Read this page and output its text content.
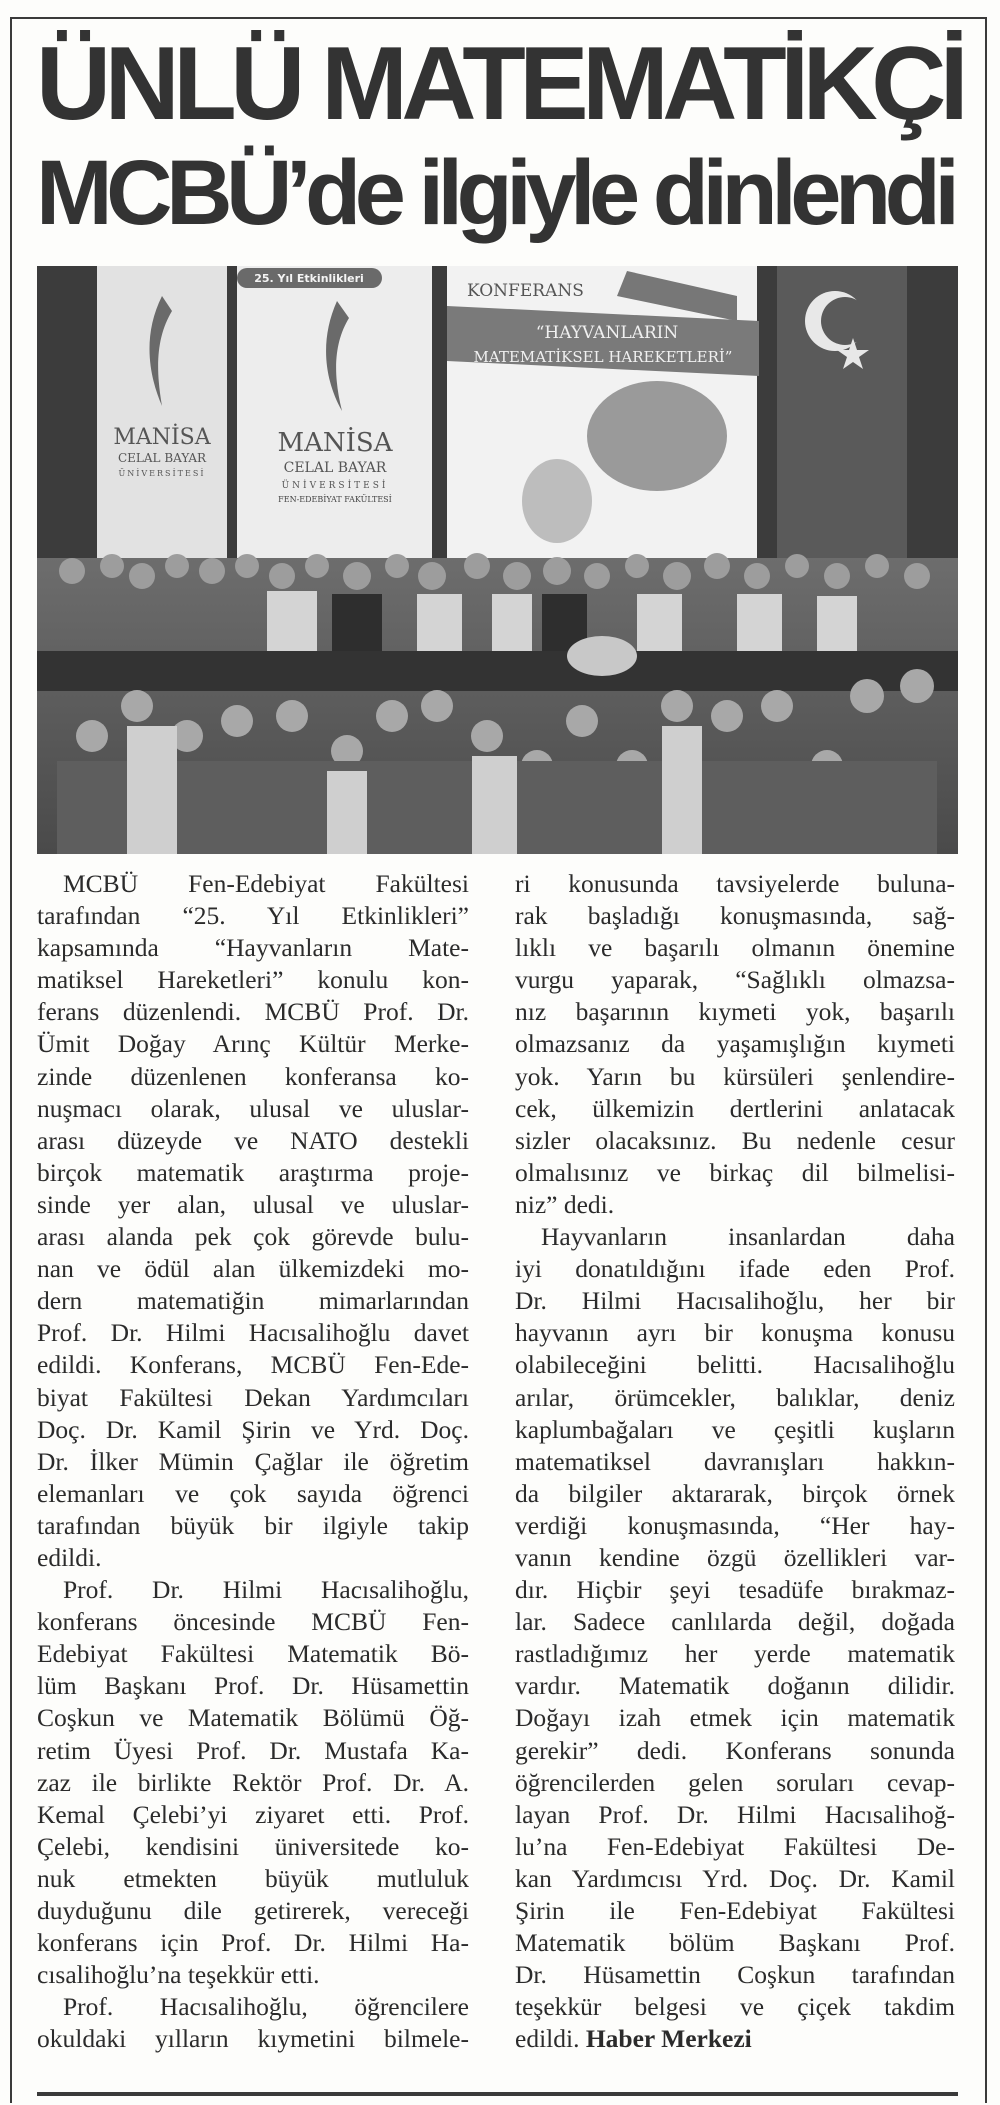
ÜNLÜ MATEMATİKÇİ
MCBÜ’de ilgiyle dinlendi
MANİSA
CELAL BAYAR
ÜNİVERSİTESİ
25. Yıl Etkinlikleri
MANİSA
CELAL BAYAR
ÜNİVERSİTESİ
FEN-EDEBİYAT FAKÜLTESİ
KONFERANS
“HAYVANLARIN
MATEMATİKSEL HAREKETLERİ”
MCBÜ Fen-Edebiyat Fakültesi
tarafından “25. Yıl Etkinlikleri”
kapsamında “Hayvanların Mate-
matiksel Hareketleri” konulu kon-
ferans düzenlendi. MCBÜ Prof. Dr.
Ümit Doğay Arınç Kültür Merke-
zinde düzenlenen konferansa ko-
nuşmacı olarak, ulusal ve uluslar-
arası düzeyde ve NATO destekli
birçok matematik araştırma proje-
sinde yer alan, ulusal ve uluslar-
arası alanda pek çok görevde bulu-
nan ve ödül alan ülkemizdeki mo-
dern matematiğin mimarlarından
Prof. Dr. Hilmi Hacısalihoğlu davet
edildi. Konferans, MCBÜ Fen-Ede-
biyat Fakültesi Dekan Yardımcıları
Doç. Dr. Kamil Şirin ve Yrd. Doç.
Dr. İlker Mümin Çağlar ile öğretim
elemanları ve çok sayıda öğrenci
tarafından büyük bir ilgiyle takip
edildi.
Prof. Dr. Hilmi Hacısalihoğlu,
konferans öncesinde MCBÜ Fen-
Edebiyat Fakültesi Matematik Bö-
lüm Başkanı Prof. Dr. Hüsamettin
Coşkun ve Matematik Bölümü Öğ-
retim Üyesi Prof. Dr. Mustafa Ka-
zaz ile birlikte Rektör Prof. Dr. A.
Kemal Çelebi’yi ziyaret etti. Prof.
Çelebi, kendisini üniversitede ko-
nuk etmekten büyük mutluluk
duyduğunu dile getirerek, vereceği
konferans için Prof. Dr. Hilmi Ha-
cısalihoğlu’na teşekkür etti.
Prof. Hacısalihoğlu, öğrencilere
okuldaki yılların kıymetini bilmele-
ri konusunda tavsiyelerde buluna-
rak başladığı konuşmasında, sağ-
lıklı ve başarılı olmanın önemine
vurgu yaparak, “Sağlıklı olmazsa-
nız başarının kıymeti yok, başarılı
olmazsanız da yaşamışlığın kıymeti
yok. Yarın bu kürsüleri şenlendire-
cek, ülkemizin dertlerini anlatacak
sizler olacaksınız. Bu nedenle cesur
olmalısınız ve birkaç dil bilmelisi-
niz” dedi.
Hayvanların insanlardan daha
iyi donatıldığını ifade eden Prof.
Dr. Hilmi Hacısalihoğlu, her bir
hayvanın ayrı bir konuşma konusu
olabileceğini belitti. Hacısalihoğlu
arılar, örümcekler, balıklar, deniz
kaplumbağaları ve çeşitli kuşların
matematiksel davranışları hakkın-
da bilgiler aktararak, birçok örnek
verdiği konuşmasında, “Her hay-
vanın kendine özgü özellikleri var-
dır. Hiçbir şeyi tesadüfe bırakmaz-
lar. Sadece canlılarda değil, doğada
rastladığımız her yerde matematik
vardır. Matematik doğanın dilidir.
Doğayı izah etmek için matematik
gerekir” dedi. Konferans sonunda
öğrencilerden gelen soruları cevap-
layan Prof. Dr. Hilmi Hacısalihoğ-
lu’na Fen-Edebiyat Fakültesi De-
kan Yardımcısı Yrd. Doç. Dr. Kamil
Şirin ile Fen-Edebiyat Fakültesi
Matematik bölüm Başkanı Prof.
Dr. Hüsamettin Coşkun tarafından
teşekkür belgesi ve çiçek takdim
edildi. Haber Merkezi
